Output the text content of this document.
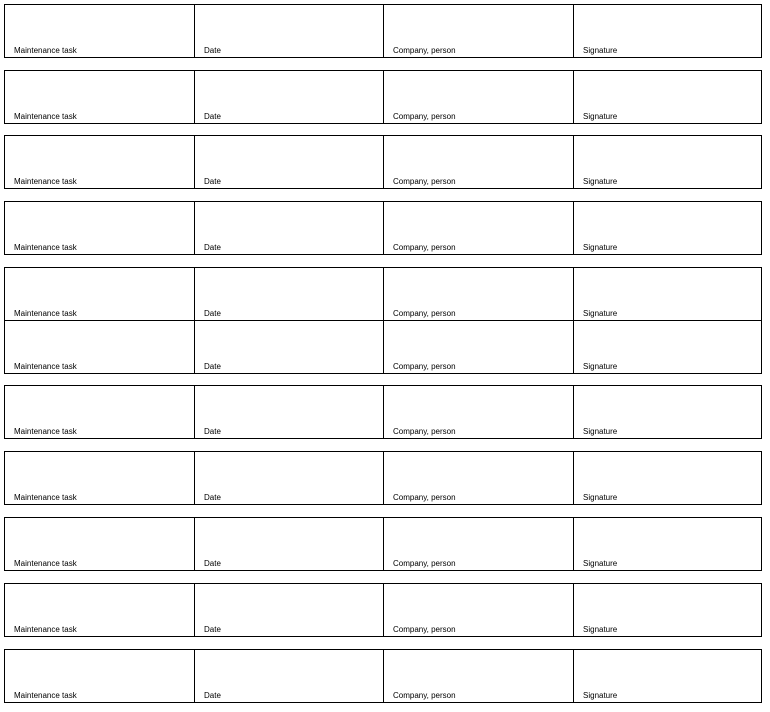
Maintenance task	Date	Company, person	Signature
Maintenance task	Date	Company, person	Signature
Maintenance task	Date	Company, person	Signature
Maintenance task	Date	Company, person	Signature
Maintenance task	Date	Company, person	Signature
Maintenance task	Date	Company, person	Signature
Maintenance task	Date	Company, person	Signature
Maintenance task	Date	Company, person	Signature
Maintenance task	Date	Company, person	Signature
Maintenance task	Date	Company, person	Signature
Maintenance task	Date	Company, person	Signature
